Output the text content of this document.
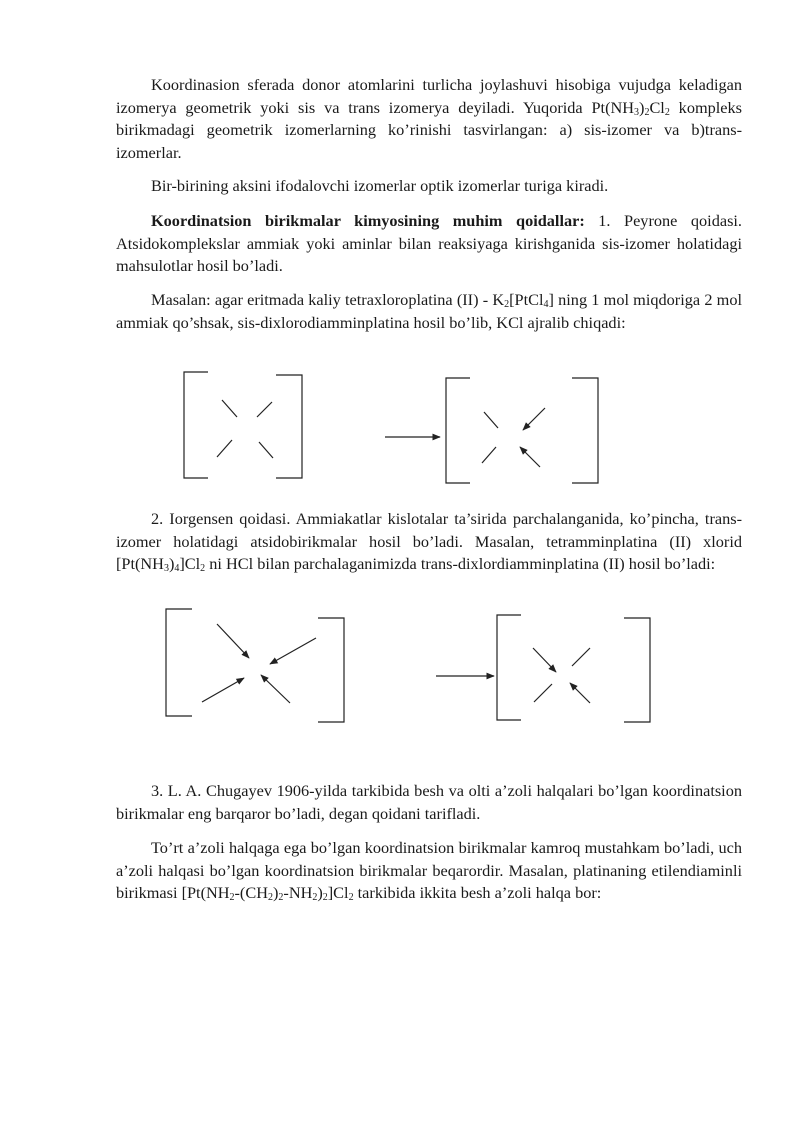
Koordinasion sferada donor atomlarini turlicha joylashuvi hisobiga vujudga keladigan izomerya geometrik yoki sis va trans izomerya deyiladi. Yuqorida $Pt(NH_3)_2Cl_2$ kompleks birikmadagi geometrik izomerlarning ko’rinishi tasvirlangan: a) sis-izomer va b)trans-izomerlar.

Bir-birining aksini ifodalovchi izomerlar optik izomerlar turiga kiradi.

Koordinatsion birikmalar kimyosining muhim qoidallar: 1. Peyrone qoidasi. Atsidokomplekslar ammiak yoki aminlar bilan reaksiyaga kirishganida sis-izomer holatidagi mahsulotlar hosil bo’ladi.

Masalan: agar eritmada kaliy tetraxloroplatina $(II) - K_2[PtCl_4]$ ning 1 mol miqdoriga 2 mol ammiak qo’shsak, sis-dixlorodiamminplatina hosil bo’lib, KCl ajralib chiqadi:

2. Iorgensen qoidasi. Ammiakatlar kislotalar ta’sirida parchalanganida, ko’pincha, trans-izomer holatidagi atsidobirikmalar hosil bo’ladi. Masalan, tetramminplatina (II) xlorid $[Pt(NH_3)_4]Cl_2$ ni HCl bilan parchalaganimizda trans-dixlordiamminplatina (II) hosil bo’ladi:

3. L. A. Chugayev 1906-yilda tarkibida besh va olti a’zoli halqalari bo’lgan koordinatsion birikmalar eng barqaror bo’ladi, degan qoidani tarifladi.

To’rt a’zoli halqaga ega bo’lgan koordinatsion birikmalar kamroq mustahkam bo’ladi, uch a’zoli halqasi bo’lgan koordinatsion birikmalar beqarordir. Masalan, platinaning etilendiaminli birikmasi $[Pt(NH_2-(CH_2)_2-NH_2)_2]Cl_2$ tarkibida ikkita besh a’zoli halqa bor:
